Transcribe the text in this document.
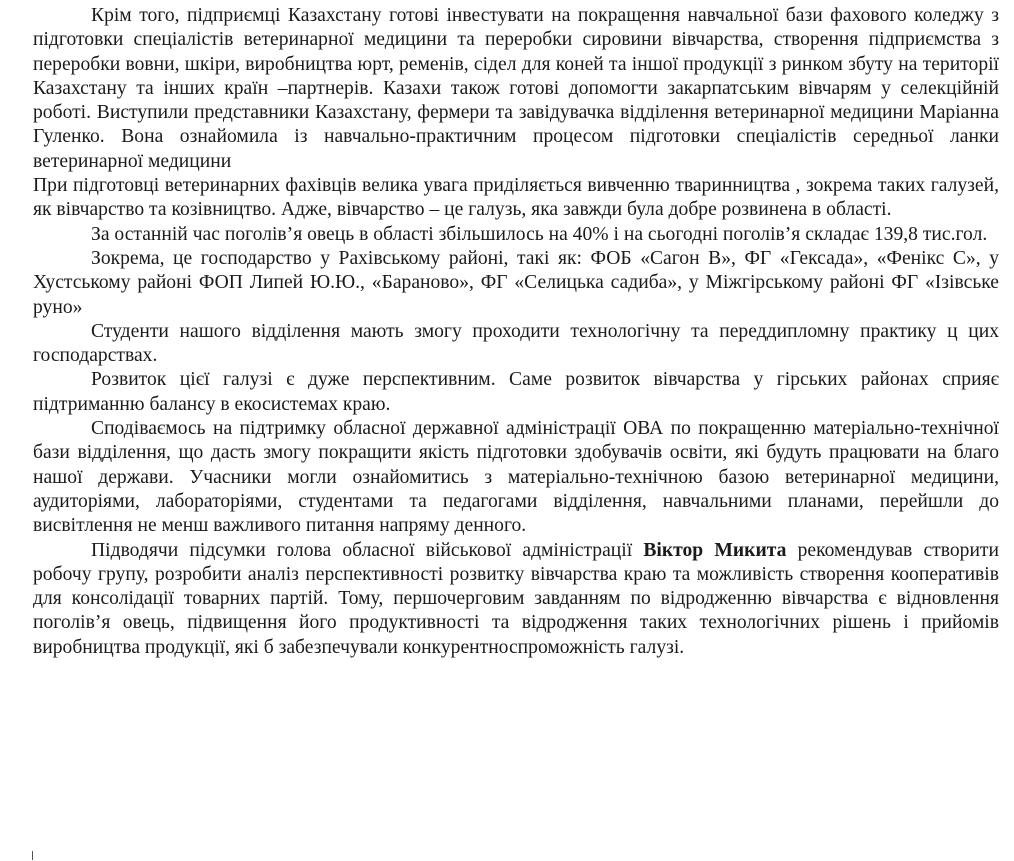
Крім того, підприємці Казахстану готові інвестувати на покращення навчальної бази фахового коледжу з підготовки спеціалістів ветеринарної медицини та переробки сировини вівчарства, створення підприємства з переробки вовни, шкіри, виробництва юрт, ременів, сідел для коней та іншої продукції з ринком збуту на території Казахстану та інших країн –партнерів. Казахи також готові допомогти закарпатським вівчарям у селекційній роботі. Виступили представники Казахстану, фермери та завідувачка відділення ветеринарної медицини Маріанна Гуленко. Вона ознайомила із навчально-практичним процесом підготовки спеціалістів середньої ланки ветеринарної медицини

При підготовці ветеринарних фахівців велика увага приділяється вивченню тваринництва , зокрема таких галузей, як вівчарство та козівництво. Адже, вівчарство – це галузь, яка завжди була добре розвинена в області.

За останній час поголів’я овець в області збільшилось на 40% і на сьогодні поголів’я складає 139,8 тис.гол.

Зокрема, це господарство у Рахівському районі, такі як: ФОБ «Сагон В», ФГ «Гексада», «Фенікс С», у Хустському районі ФОП Липей Ю.Ю., «Бараново», ФГ «Селицька садиба», у Міжгірському районі ФГ «Ізівське руно»

Студенти нашого відділення мають змогу проходити технологічну та переддипломну практику ц цих господарствах.

Розвиток цієї галузі є дуже перспективним. Саме розвиток вівчарства у гірських районах сприяє підтриманню балансу в екосистемах краю.

Сподіваємось на підтримку обласної державної адміністрації ОВА по покращенню матеріально-технічної бази відділення, що дасть змогу покращити якість підготовки здобувачів освіти, які будуть працювати на благо нашої держави. Учасники могли ознайомитись з матеріально-технічною базою ветеринарної медицини, аудиторіями, лабораторіями, студентами та педагогами відділення, навчальними планами, перейшли до висвітлення не менш важливого питання напряму денного.

Підводячи підсумки голова обласної військової адміністрації Віктор Микита рекомендував створити робочу групу, розробити аналіз перспективності розвитку вівчарства краю та можливість створення кооперативів для консолідації товарних партій. Тому, першочерговим завданням по відродженню вівчарства є відновлення поголів’я овець, підвищення його продуктивності та відродження таких технологічних рішень і прийомів виробництва продукції, які б забезпечували конкурентноспроможність галузі.
